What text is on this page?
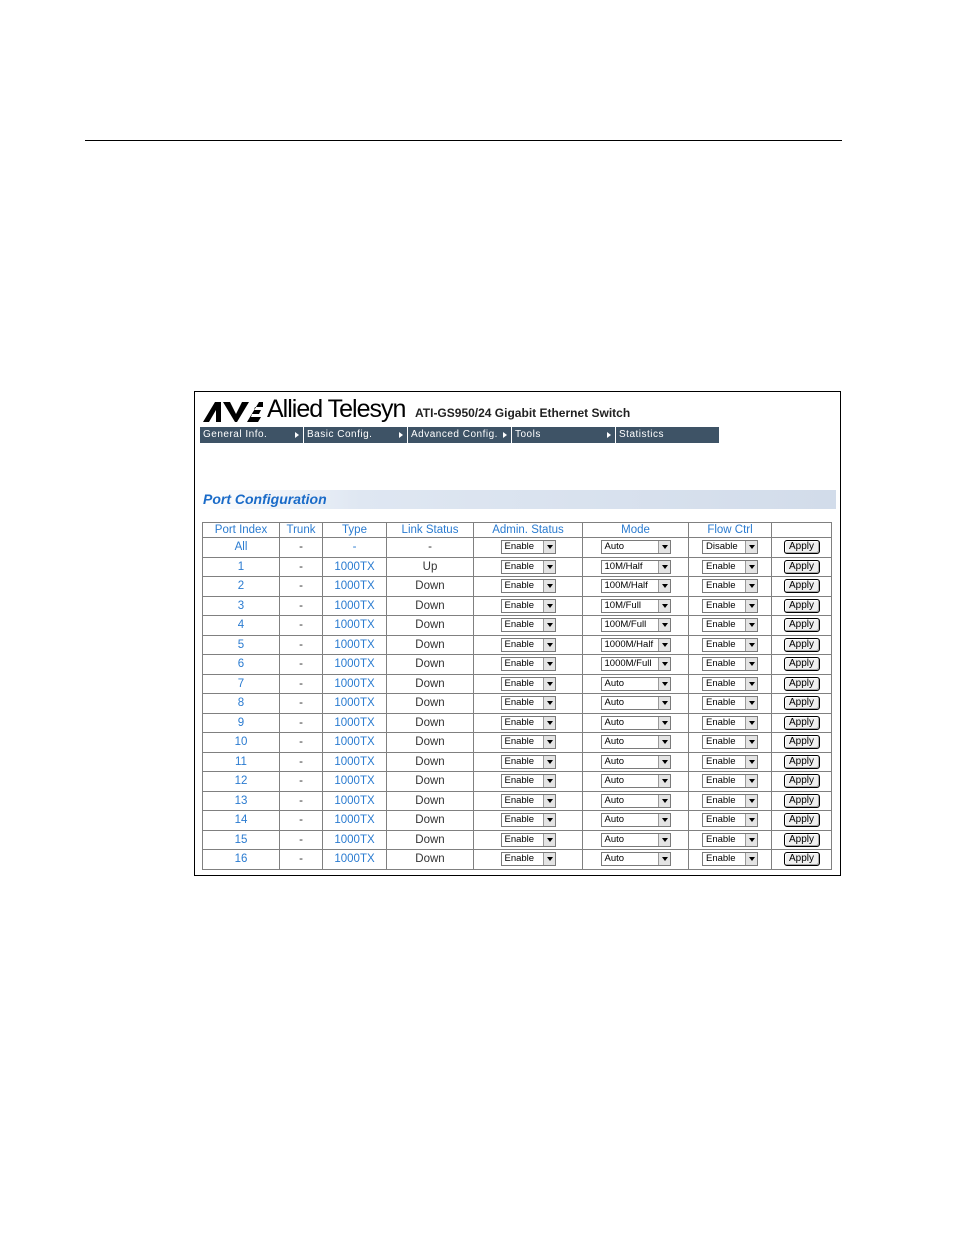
Allied Telesyn ATI-GS950/24 Gigabit Ethernet Switch
General Info.	Basic Config.	Advanced Config.	Tools	Statistics
Port Configuration
Port Index	Trunk	Type	Link Status	Admin. Status	Mode	Flow Ctrl	
All	-	-	-	Enable	Auto	Disable	Apply
1	-	1000TX	Up	Enable	10M/Half	Enable	Apply
2	-	1000TX	Down	Enable	100M/Half	Enable	Apply
3	-	1000TX	Down	Enable	10M/Full	Enable	Apply
4	-	1000TX	Down	Enable	100M/Full	Enable	Apply
5	-	1000TX	Down	Enable	1000M/Half	Enable	Apply
6	-	1000TX	Down	Enable	1000M/Full	Enable	Apply
7	-	1000TX	Down	Enable	Auto	Enable	Apply
8	-	1000TX	Down	Enable	Auto	Enable	Apply
9	-	1000TX	Down	Enable	Auto	Enable	Apply
10	-	1000TX	Down	Enable	Auto	Enable	Apply
11	-	1000TX	Down	Enable	Auto	Enable	Apply
12	-	1000TX	Down	Enable	Auto	Enable	Apply
13	-	1000TX	Down	Enable	Auto	Enable	Apply
14	-	1000TX	Down	Enable	Auto	Enable	Apply
15	-	1000TX	Down	Enable	Auto	Enable	Apply
16	-	1000TX	Down	Enable	Auto	Enable	Apply
